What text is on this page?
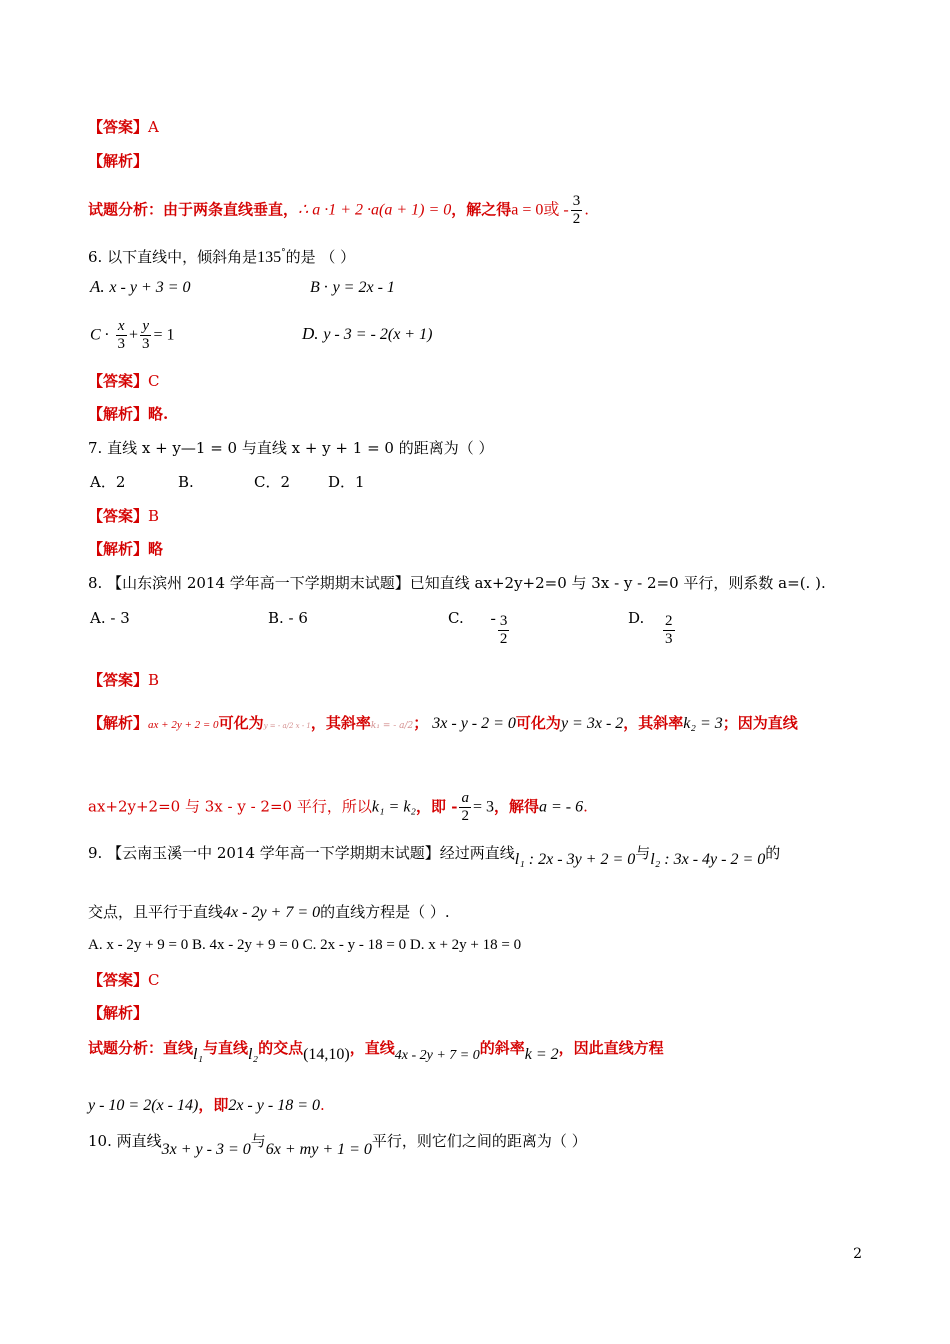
【答案】A
【解析】
试题分析：由于两条直线垂直，∴ a ·1 + 2 ·a(a + 1) = 0，解之得a = 0或 - $\frac{3}{2}$ .
6. 以下直线中，倾斜角是135°的是 （ ）
A. x - y + 3 = 0	B · y = 2x - 1
$C \cdot \frac{x}{3} + \frac{y}{3} = 1$	D. y - 3 = - 2(x + 1)
【答案】C
【解析】略.
7. 直线 x + y—1 = 0 与直线 x + y + 1 = 0 的距离为（ ）
A．2	B.	C．2	D．1
【答案】B
【解析】略
8. 【山东滨州 2014 学年高一下学期期末试题】已知直线 ax+2y+2=0 与 3x - y - 2=0 平行，则系数 a=(. ).
A. - 3	B. - 6	C. - $\frac{3}{2}$	D. $\frac{2}{3}$
【答案】B
【解析】ax + 2y + 2 = 0可化为y = - a/2 x - 1，其斜率k₁ = - a/2； 3x - y - 2 = 0可化为y = 3x - 2，其斜率k₂ = 3；因为直线
ax+2y+2=0 与 3x - y - 2=0 平行，所以k₁ = k₂，即 - $\frac{a}{2} = 3$，解得a = - 6.
9. 【云南玉溪一中 2014 学年高一下学期期末试题】经过两直线l₁ : 2x - 3y + 2 = 0与l₂ : 3x - 4y - 2 = 0的
交点，且平行于直线4x - 2y + 7 = 0的直线方程是（ ）.
A. x - 2y + 9 = 0 B. 4x - 2y + 9 = 0 C. 2x - y - 18 = 0 D. x + 2y + 18 = 0
【答案】C
【解析】
试题分析：直线l₁与直线l₂的交点(14,10)，直线4x - 2y + 7 = 0的斜率k = 2，因此直线方程
y - 10 = 2(x - 14)，即2x - y - 18 = 0.
10. 两直线3x + y - 3 = 0与6x + my + 1 = 0平行，则它们之间的距离为（ ）
2
